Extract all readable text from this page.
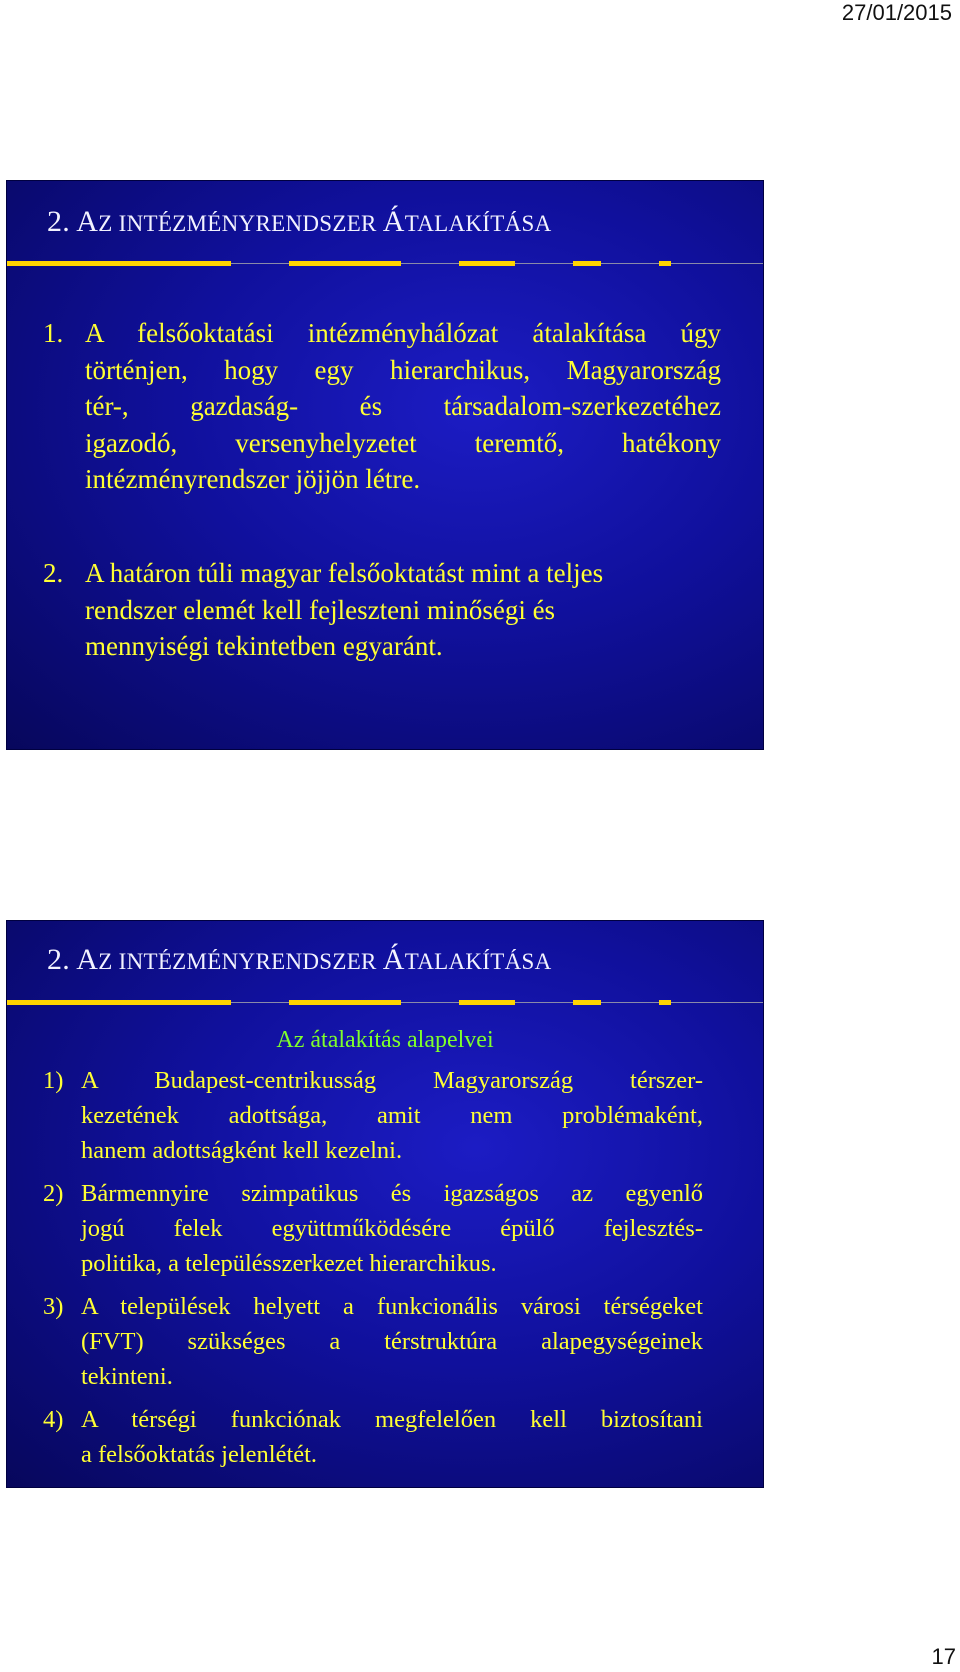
27/01/2015
2. AZ INTÉZMÉNYRENDSZER ÁTALAKÍTÁSA
1. A felsőoktatási intézményhálózat átalakítása úgy
történjen, hogy egy hierarchikus, Magyarország
tér-, gazdaság- és társadalom-szerkezetéhez
igazodó, versenyhelyzetet teremtő, hatékony
intézményrendszer jöjjön létre.
2. A határon túli magyar felsőoktatást mint a teljes
rendszer elemét kell fejleszteni minőségi és
mennyiségi tekintetben egyaránt.
2. AZ INTÉZMÉNYRENDSZER ÁTALAKÍTÁSA
Az átalakítás alapelvei
1) A Budapest-centrikusság Magyarország térszer-
kezetének adottsága, amit nem problémaként,
hanem adottságként kell kezelni.
2) Bármennyire szimpatikus és igazságos az egyenlő
jogú felek együttműködésére épülő fejlesztés-
politika, a településszerkezet hierarchikus.
3) A települések helyett a funkcionális városi térségeket
(FVT) szükséges a térstruktúra alapegységeinek
tekinteni.
4) A térségi funkciónak megfelelően kell biztosítani
a felsőoktatás jelenlétét.
17
